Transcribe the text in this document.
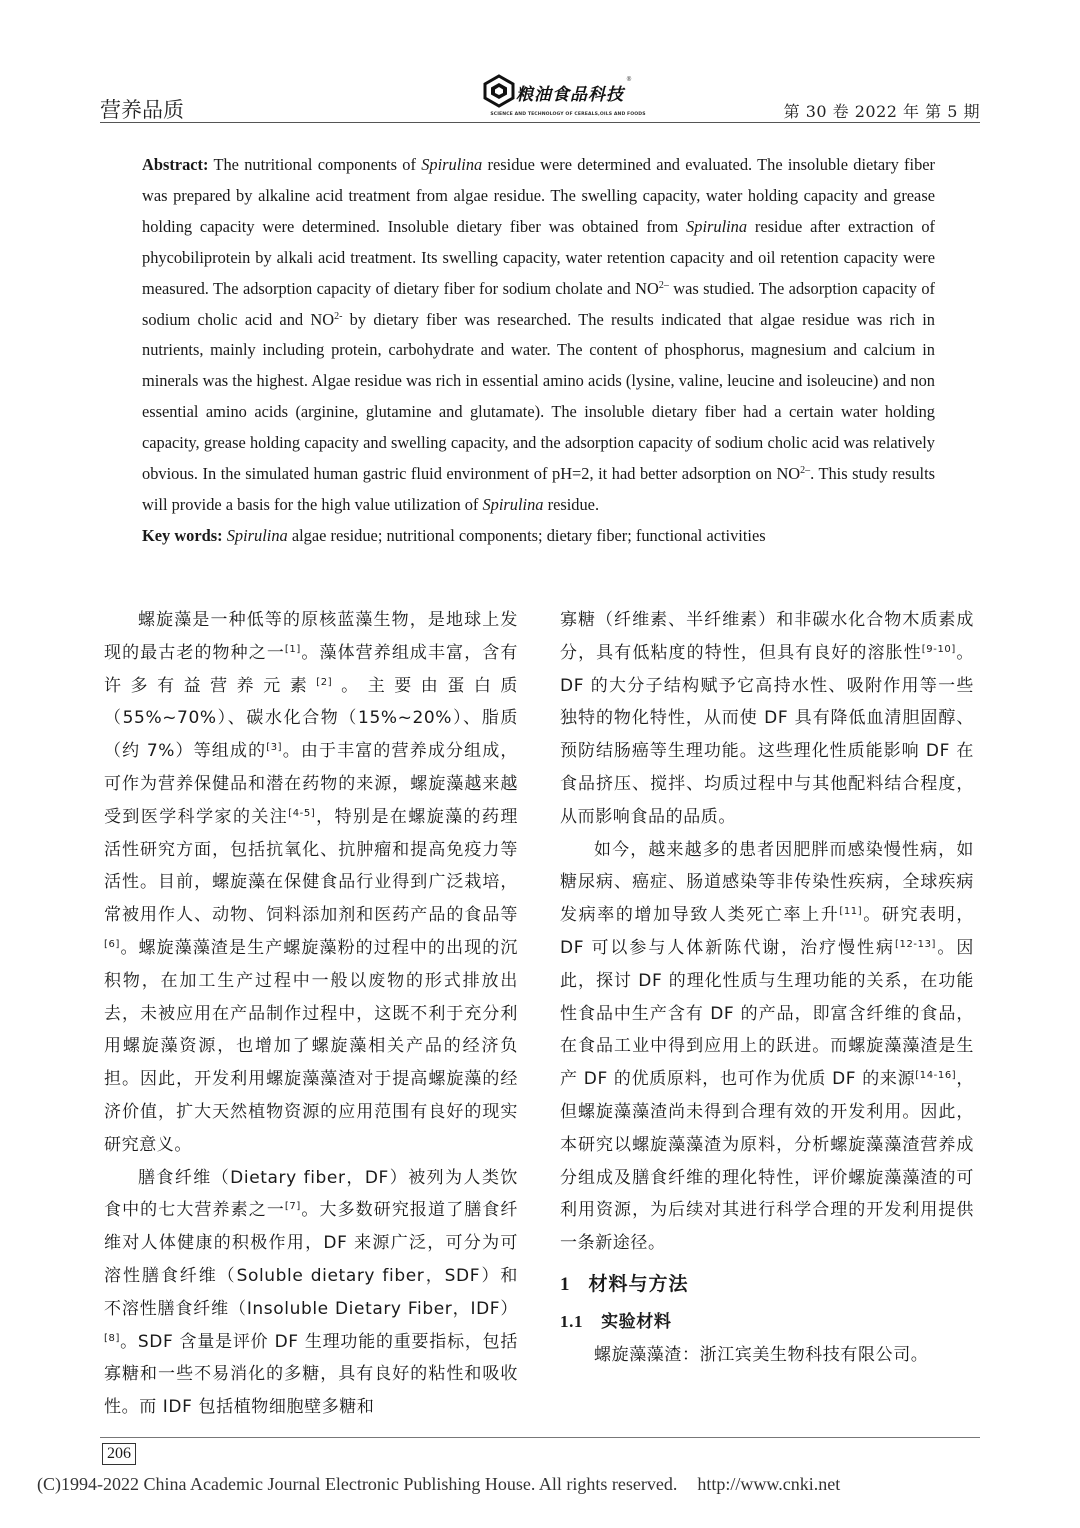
营养品质
粮油食品科技
®
SCIENCE AND TECHNOLOGY OF CEREALS,OILS AND FOODS	第 30 卷 2022 年 第 5 期

Abstract: The nutritional components of Spirulina residue were determined and evaluated. The insoluble dietary fiber was prepared by alkaline acid treatment from algae residue. The swelling capacity, water holding capacity and grease holding capacity were determined. Insoluble dietary fiber was obtained from Spirulina residue after extraction of phycobiliprotein by alkali acid treatment. Its swelling capacity, water retention capacity and oil retention capacity were measured. The adsorption capacity of dietary fiber for sodium cholate and $NO^{2-}$ was studied. The adsorption capacity of sodium cholic acid and $NO^{2-}$ by dietary fiber was researched. The results indicated that algae residue was rich in nutrients, mainly including protein, carbohydrate and water. The content of phosphorus, magnesium and calcium in minerals was the highest. Algae residue was rich in essential amino acids (lysine, valine, leucine and isoleucine) and non essential amino acids (arginine, glutamine and glutamate). The insoluble dietary fiber had a certain water holding capacity, grease holding capacity and swelling capacity, and the adsorption capacity of sodium cholic acid was relatively obvious. In the simulated human gastric fluid environment of pH=2, it had better adsorption on $NO^{2-}$. This study results will provide a basis for the high value utilization of Spirulina residue.

Key words: Spirulina algae residue; nutritional components; dietary fiber; functional activities

螺旋藻是一种低等的原核蓝藻生物，是地球上发现的最古老的物种之一[1]。藻体营养组成丰富，含有许多有益营养元素[2]。主要由蛋白质（55%~70%）、碳水化合物（15%~20%）、脂质（约 7%）等组成的[3]。由于丰富的营养成分组成，可作为营养保健品和潜在药物的来源，螺旋藻越来越受到医学科学家的关注[4-5]，特别是在螺旋藻的药理活性研究方面，包括抗氧化、抗肿瘤和提高免疫力等活性。目前，螺旋藻在保健食品行业得到广泛栽培，常被用作人、动物、饲料添加剂和医药产品的食品等[6]。螺旋藻藻渣是生产螺旋藻粉的过程中的出现的沉积物，在加工生产过程中一般以废物的形式排放出去，未被应用在产品制作过程中，这既不利于充分利用螺旋藻资源，也增加了螺旋藻相关产品的经济负担。因此，开发利用螺旋藻藻渣对于提高螺旋藻的经济价值，扩大天然植物资源的应用范围有良好的现实研究意义。

膳食纤维（Dietary fiber，DF）被列为人类饮食中的七大营养素之一[7]。大多数研究报道了膳食纤维对人体健康的积极作用，DF 来源广泛，可分为可溶性膳食纤维（Soluble dietary fiber，SDF）和不溶性膳食纤维（Insoluble Dietary Fiber，IDF）[8]。SDF 含量是评价 DF 生理功能的重要指标，包括寡糖和一些不易消化的多糖，具有良好的粘性和吸收性。而 IDF 包括植物细胞壁多糖和

寡糖（纤维素、半纤维素）和非碳水化合物木质素成分，具有低粘度的特性，但具有良好的溶胀性[9-10]。DF 的大分子结构赋予它高持水性、吸附作用等一些独特的物化特性，从而使 DF 具有降低血清胆固醇、预防结肠癌等生理功能。这些理化性质能影响 DF 在食品挤压、搅拌、均质过程中与其他配料结合程度，从而影响食品的品质。

如今，越来越多的患者因肥胖而感染慢性病，如糖尿病、癌症、肠道感染等非传染性疾病，全球疾病发病率的增加导致人类死亡率上升[11]。研究表明，DF 可以参与人体新陈代谢，治疗慢性病[12-13]。因此，探讨 DF 的理化性质与生理功能的关系，在功能性食品中生产含有 DF 的产品，即富含纤维的食品，在食品工业中得到应用上的跃进。而螺旋藻藻渣是生产 DF 的优质原料，也可作为优质 DF 的来源[14-16]，但螺旋藻藻渣尚未得到合理有效的开发利用。因此，本研究以螺旋藻藻渣为原料，分析螺旋藻藻渣营养成分组成及膳食纤维的理化特性，评价螺旋藻藻渣的可利用资源，为后续对其进行科学合理的开发利用提供一条新途径。

1 材料与方法
1.1 实验材料

螺旋藻藻渣：浙江宾美生物科技有限公司。

206
(C)1994-2022 China Academic Journal Electronic Publishing House. All rights reserved. http://www.cnki.net
